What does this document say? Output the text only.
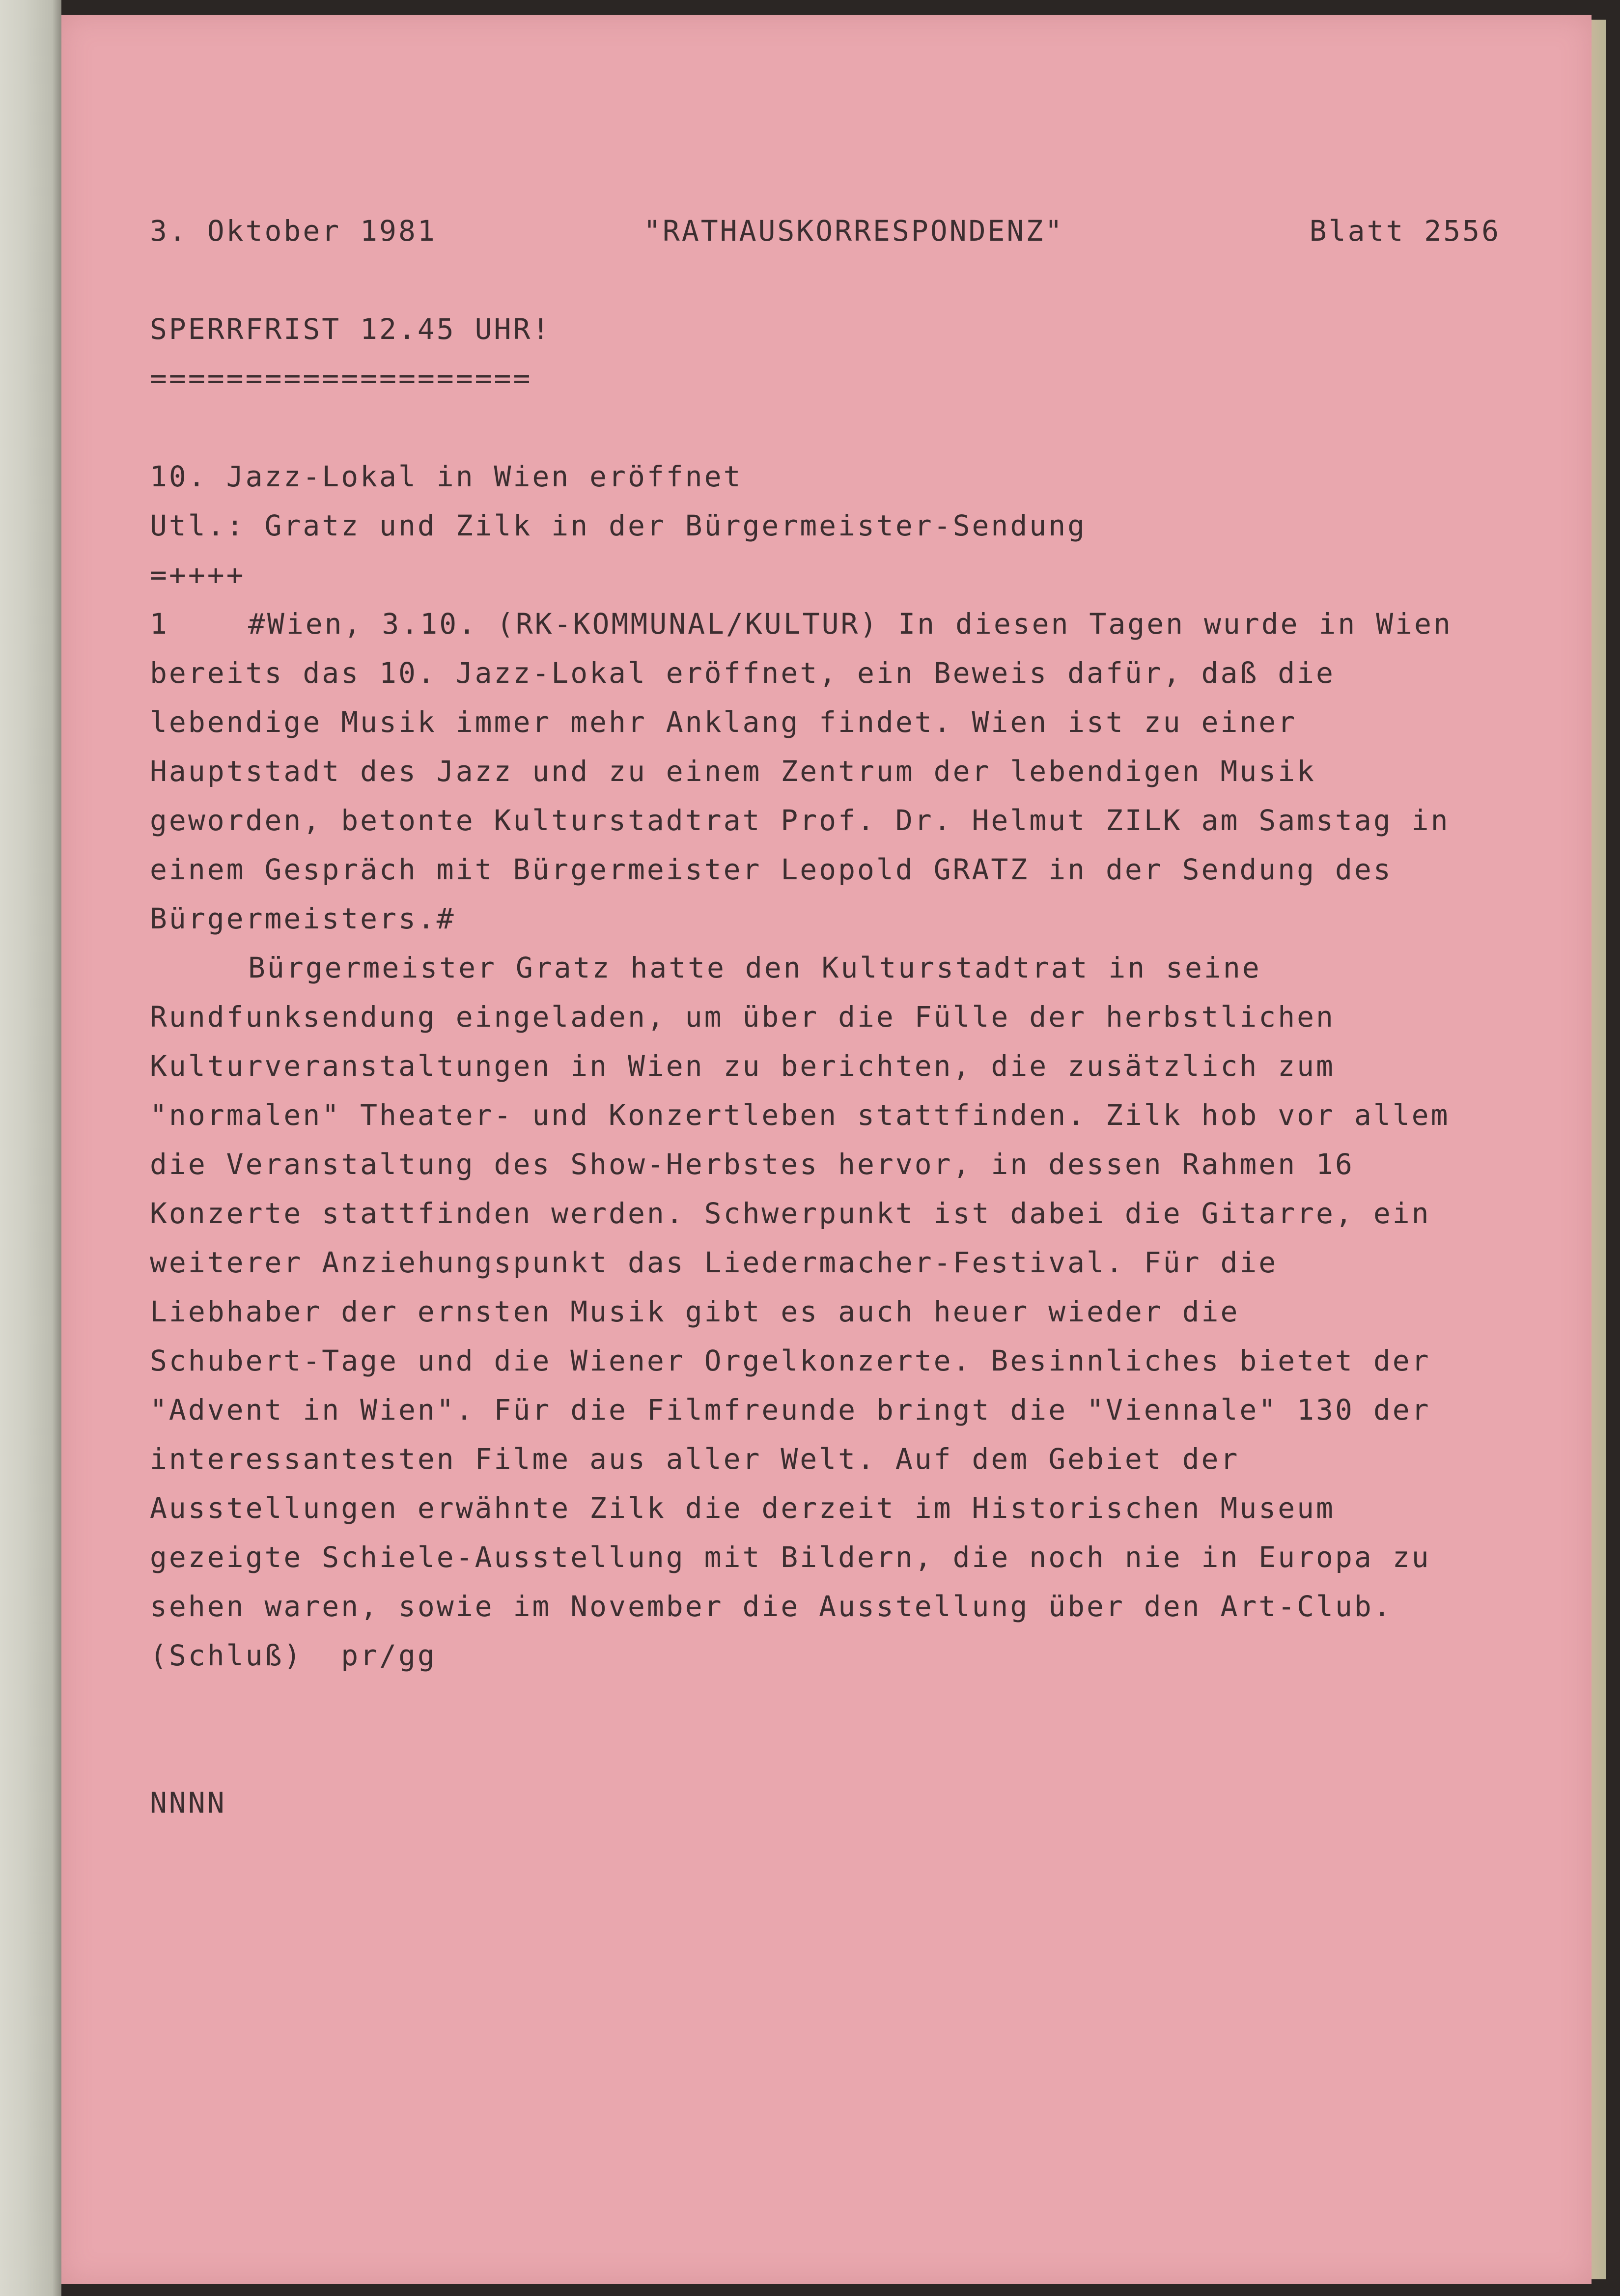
3. Oktober 1981	"RATHAUSKORRESPONDENZ"	Blatt 2556
SPERRFRIST 12.45 UHR!
====================
10. Jazz-Lokal in Wien eröffnet
Utl.: Gratz und Zilk in der Bürgermeister-Sendung
=++++
1	#Wien, 3.10. (RK-KOMMUNAL/KULTUR) In diesen Tagen wurde in Wien
bereits das 10. Jazz-Lokal eröffnet, ein Beweis dafür, daß die
lebendige Musik immer mehr Anklang findet. Wien ist zu einer
Hauptstadt des Jazz und zu einem Zentrum der lebendigen Musik
geworden, betonte Kulturstadtrat Prof. Dr. Helmut ZILK am Samstag in
einem Gespräch mit Bürgermeister Leopold GRATZ in der Sendung des
Bürgermeisters.#
Bürgermeister Gratz hatte den Kulturstadtrat in seine
Rundfunksendung eingeladen, um über die Fülle der herbstlichen
Kulturveranstaltungen in Wien zu berichten, die zusätzlich zum
"normalen" Theater- und Konzertleben stattfinden. Zilk hob vor allem
die Veranstaltung des Show-Herbstes hervor, in dessen Rahmen 16
Konzerte stattfinden werden. Schwerpunkt ist dabei die Gitarre, ein
weiterer Anziehungspunkt das Liedermacher-Festival. Für die
Liebhaber der ernsten Musik gibt es auch heuer wieder die
Schubert-Tage und die Wiener Orgelkonzerte. Besinnliches bietet der
"Advent in Wien". Für die Filmfreunde bringt die "Viennale" 130 der
interessantesten Filme aus aller Welt. Auf dem Gebiet der
Ausstellungen erwähnte Zilk die derzeit im Historischen Museum
gezeigte Schiele-Ausstellung mit Bildern, die noch nie in Europa zu
sehen waren, sowie im November die Ausstellung über den Art-Club.
(Schluß)  pr/gg
NNNN
